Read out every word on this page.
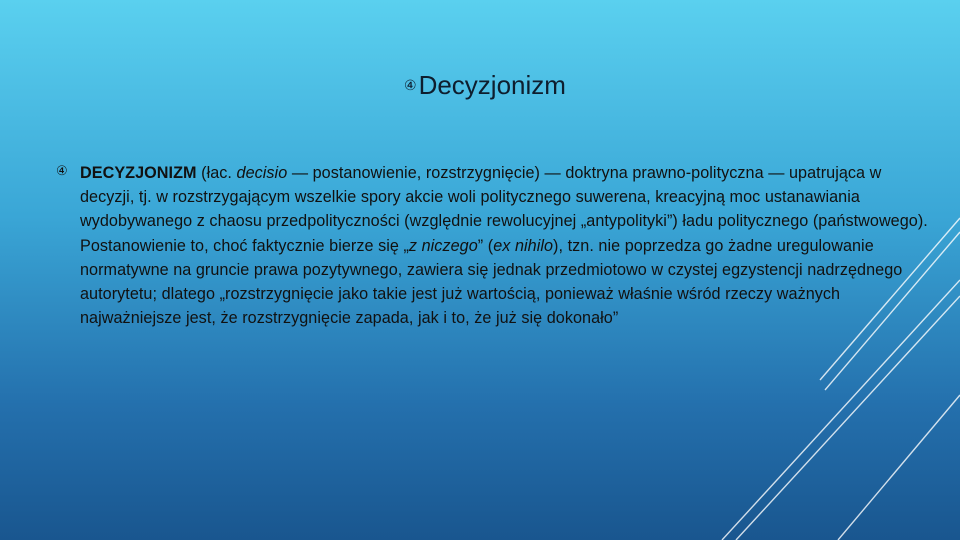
④ Decyzjonizm
④ DECYZJONIZM (łac. decisio — postanowienie, rozstrzygnięcie) — doktryna prawno-polityczna — upatrująca w decyzji, tj. w rozstrzygającym wszelkie spory akcie woli politycznego suwerena, kreacyjną moc ustanawiania wydobywanego z chaosu przedpolityczności (względnie rewolucyjnej „antypolityki”) ładu politycznego (państwowego). Postanowienie to, choć faktycznie bierze się „z niczego” (ex nihilo), tzn. nie poprzedza go żadne uregulowanie normatywne na gruncie prawa pozytywnego, zawiera się jednak przedmiotowo w czystej egzystencji nadrzędnego autorytetu; dlatego „rozstrzygnięcie jako takie jest już wartością, ponieważ właśnie wśród rzeczy ważnych najważniejsze jest, że rozstrzygnięcie zapada, jak i to, że już się dokonało”
